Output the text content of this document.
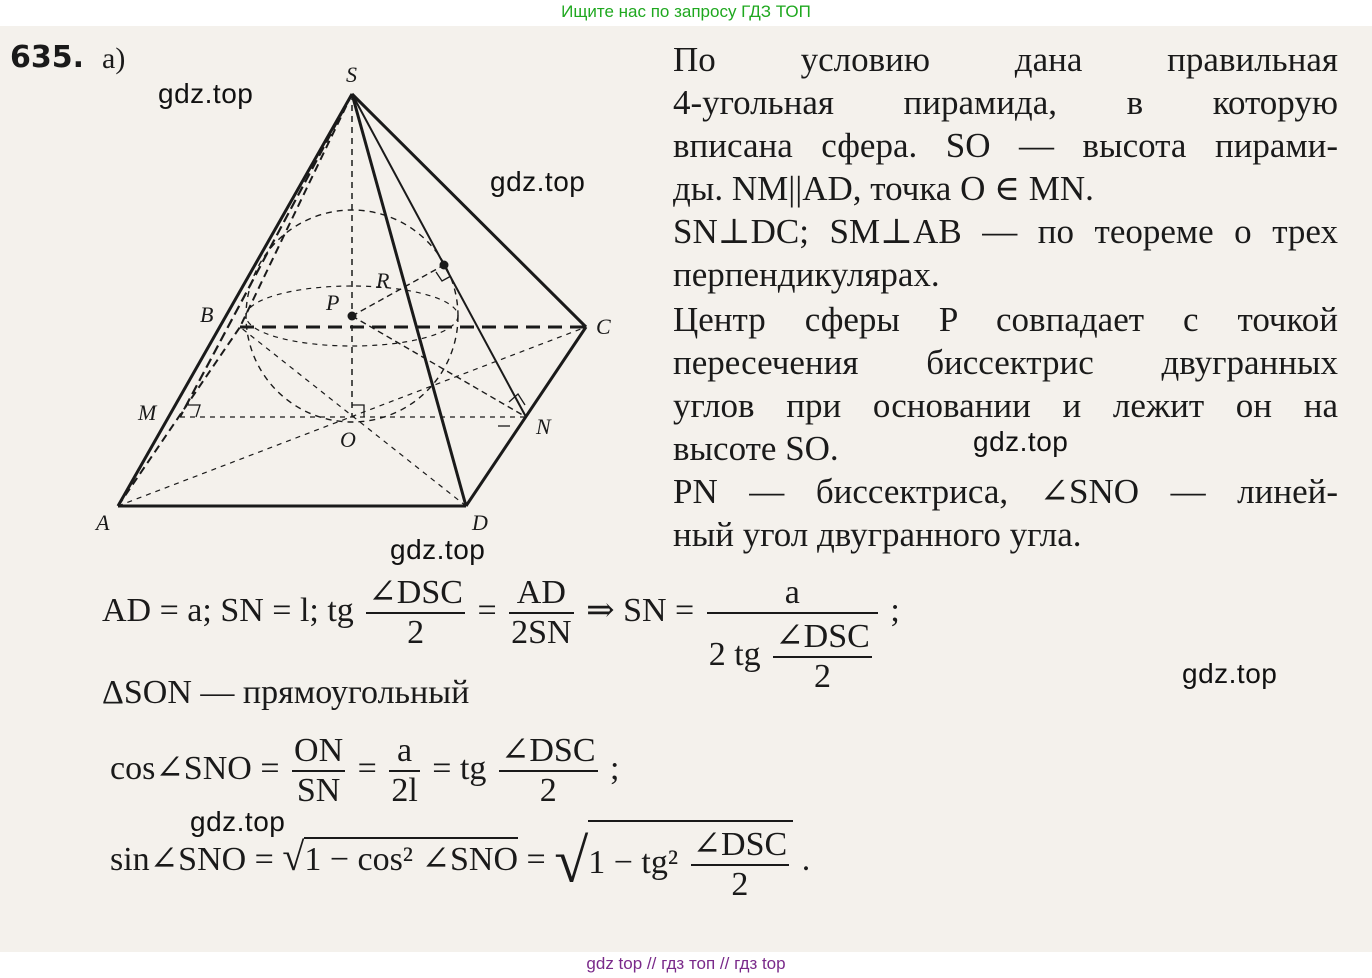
Ищите нас по запросу ГДЗ ТОП
635. а)	S
B	C
M
O
N
A	D
P
R
gdz.top
gdz.top
gdz.top
gdz.top
gdz.top
gdz.top
По условию дана правильная
4-угольная пирамида, в которую
вписана сфера. SO — высота пирами-
ды. NM||AD, точка O ∈ MN.
SN⊥DC; SM⊥AB — по теореме о трех
перпендикулярах.
Центр сферы P совпадает с точкой
пересечения биссектрис двугранных
углов при основании и лежит он на
высоте SO.
PN — биссектриса, ∠SNO — линей-
ный угол двугранного угла.
AD = a; SN = l; tg $\frac{\text{∠DSC}}{2} = \frac{AD}{2SN}$ ⇒ SN = $\frac{a}{2 tg \frac{\text{∠DSC}}{2}}$ ;
ΔSON — прямоугольный
cos∠SNO = $\frac{ON}{SN} = \frac{a}{2l}$ = tg $\frac{\text{∠DSC}}{2}$ ;
sin∠SNO = √1 − cos² ∠SNO = $√1 - tg^2 \frac{\text{∠DSC}}{2}$ .
gdz top // гдз топ // гдз top
